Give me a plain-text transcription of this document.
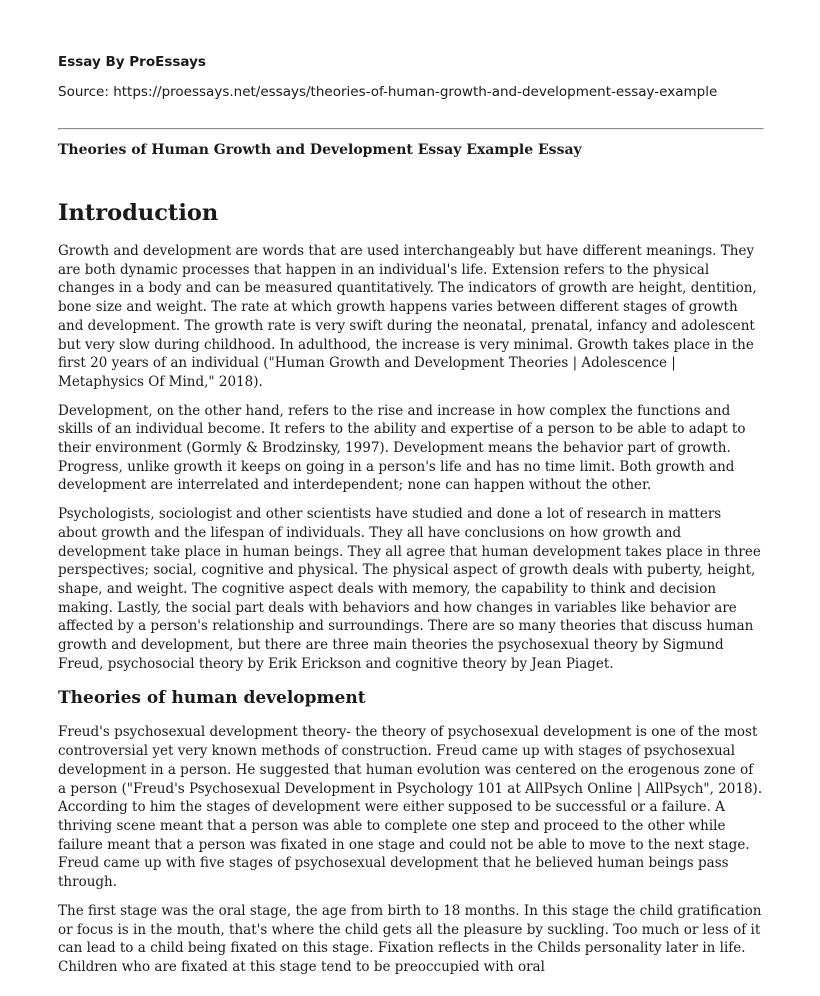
Essay By ProEssays

Source: https://proessays.net/essays/theories-of-human-growth-and-development-essay-example

Theories of Human Growth and Development Essay Example Essay

Introduction

Growth and development are words that are used interchangeably but have different meanings. They are both dynamic processes that happen in an individual's life. Extension refers to the physical changes in a body and can be measured quantitatively. The indicators of growth are height, dentition, bone size and weight. The rate at which growth happens varies between different stages of growth and development. The growth rate is very swift during the neonatal, prenatal, infancy and adolescent but very slow during childhood. In adulthood, the increase is very minimal. Growth takes place in the first 20 years of an individual ("Human Growth and Development Theories | Adolescence | Metaphysics Of Mind," 2018).

Development, on the other hand, refers to the rise and increase in how complex the functions and skills of an individual become. It refers to the ability and expertise of a person to be able to adapt to their environment (Gormly & Brodzinsky, 1997). Development means the behavior part of growth. Progress, unlike growth it keeps on going in a person's life and has no time limit. Both growth and development are interrelated and interdependent; none can happen without the other.

Psychologists, sociologist and other scientists have studied and done a lot of research in matters about growth and the lifespan of individuals. They all have conclusions on how growth and development take place in human beings. They all agree that human development takes place in three perspectives; social, cognitive and physical. The physical aspect of growth deals with puberty, height, shape, and weight. The cognitive aspect deals with memory, the capability to think and decision making. Lastly, the social part deals with behaviors and how changes in variables like behavior are affected by a person's relationship and surroundings. There are so many theories that discuss human growth and development, but there are three main theories the psychosexual theory by Sigmund Freud, psychosocial theory by Erik Erickson and cognitive theory by Jean Piaget.

Theories of human development

Freud's psychosexual development theory- the theory of psychosexual development is one of the most controversial yet very known methods of construction. Freud came up with stages of psychosexual development in a person. He suggested that human evolution was centered on the erogenous zone of a person ("Freud's Psychosexual Development in Psychology 101 at AllPsych Online | AllPsych", 2018). According to him the stages of development were either supposed to be successful or a failure. A thriving scene meant that a person was able to complete one step and proceed to the other while failure meant that a person was fixated in one stage and could not be able to move to the next stage. Freud came up with five stages of psychosexual development that he believed human beings pass through.

The first stage was the oral stage, the age from birth to 18 months. In this stage the child gratification or focus is in the mouth, that's where the child gets all the pleasure by suckling. Too much or less of it can lead to a child being fixated on this stage. Fixation reflects in the Childs personality later in life. Children who are fixated at this stage tend to be preoccupied with oral
